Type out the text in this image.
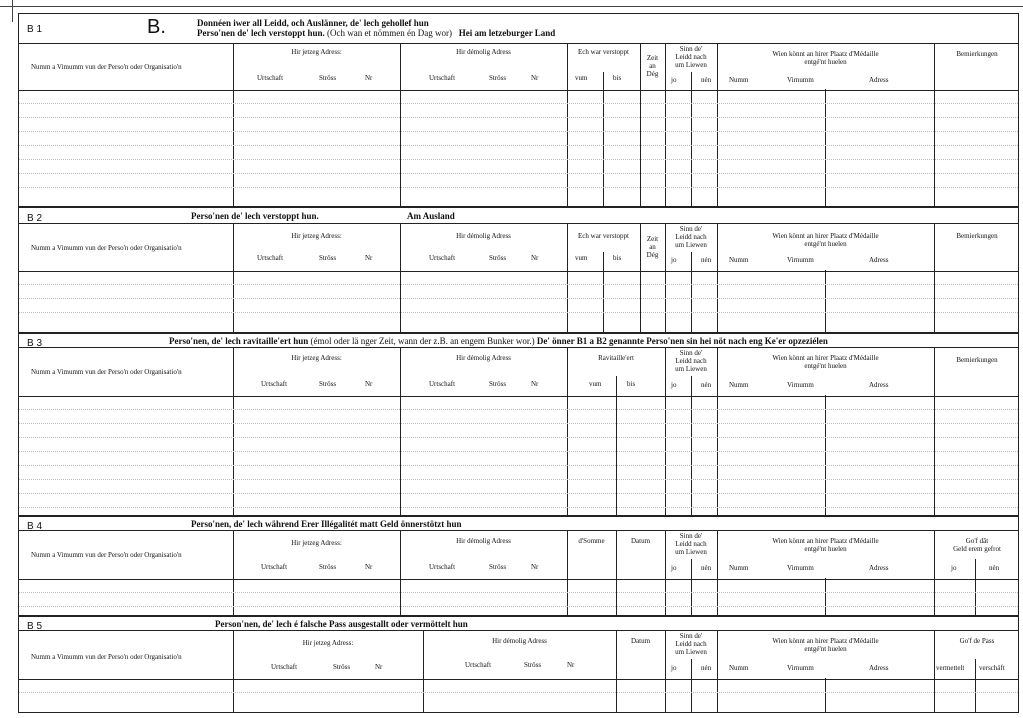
B 1	B.	Donnéen iwer all Leidd, och Auslänner, de' lech gehollef hun
Perso'nen de' lech verstoppt hun. (Och wan et nömmen én Dag wor) Hei am letzeburger Land
Numm a Vimumm vun der Perso'n oder Organisatio'n
Hir jetzeg Adress:
Urtschaft	Ströss	Nr
Hir démolig Adress
Urtschaft	Ströss	Nr
Ech war verstoppt
vum	bis
Zeit
an
Dég
Sinn de'
Leidd nach
um Liewen
jo	nén
Wien könnt an hirer Plaatz d'Médaille
entgé'nt huelen
Numm	Virnumm	Adress
Bemierkungen
B 2	Perso'nen de' lech verstoppt hun.	Am Ausland
Numm a Vimumm vun der Perso'n oder Organisatio'n
Hir jetzeg Adress:
Urtschaft	Ströss	Nr
Hir démolig Adress
Urtschaft	Ströss	Nr
Ech war verstoppt
vum	bis
Zeit
an
Dég
Sinn de'
Leidd nach
um Liewen
jo	nén
Wien könnt an hirer Plaatz d'Médaille
entgé'nt huelen
Numm	Virnumm	Adress
Bemierkungen
B 3	Perso'nen, de' lech ravitaille'ert hun (émol oder lä nger Zeit, wann der z.B. an engem Bunker wor.) De' önner B1 a B2 genannte Perso'nen sin hei nöt nach eng Ke'er opzeziélen
Numm a Vimumm vun der Perso'n oder Organisatio'n
Hir jetzeg Adress:
Urtschaft	Ströss	Nr
Hir démolig Adress
Urtschaft	Ströss	Nr
Ravitaille'ert
vum	bis
Sinn de'
Leidd nach
um Liewen
jo	nén
Wien könnt an hirer Plaatz d'Médaille
entgé'nt huelen
Numm	Virnumm	Adress
Bemierkungen
B 4	Perso'nen, de' lech während Erer Illégalitét matt Geld önnerstötzt hun
Numm a Vimumm vun der Perso'n oder Organisatio'n
Hir jetzeg Adress:
Urtschaft	Ströss	Nr
Hir démolig Adress
Urtschaft	Ströss	Nr
d'Somme	Datum
Sinn de'
Leidd nach
um Liewen
jo	nén
Wien könnt an hirer Plaatz d'Médaille
entgé'nt huelen
Numm	Virnumm	Adress
Go'f dât
Geld erem gefrot
jo	nén
B 5	Person'nen, de' lech é falsche Pass ausgestallt oder vermöttelt hun
Numm a Vimumm vun der Perso'n oder Organisatio'n
Hir jetzeg Adress:
Urtschaft	Ströss	Nr
Hir démolig Adress
Urtschaft	Ströss	Nr
Datum
Sinn de'
Leidd nach
um Liewen
jo	nén
Wien könnt an hirer Plaatz d'Médaille
entgé'nt huelen
Numm	Virnumm	Adress
Go'f de Pass
vermettelt verschäft
